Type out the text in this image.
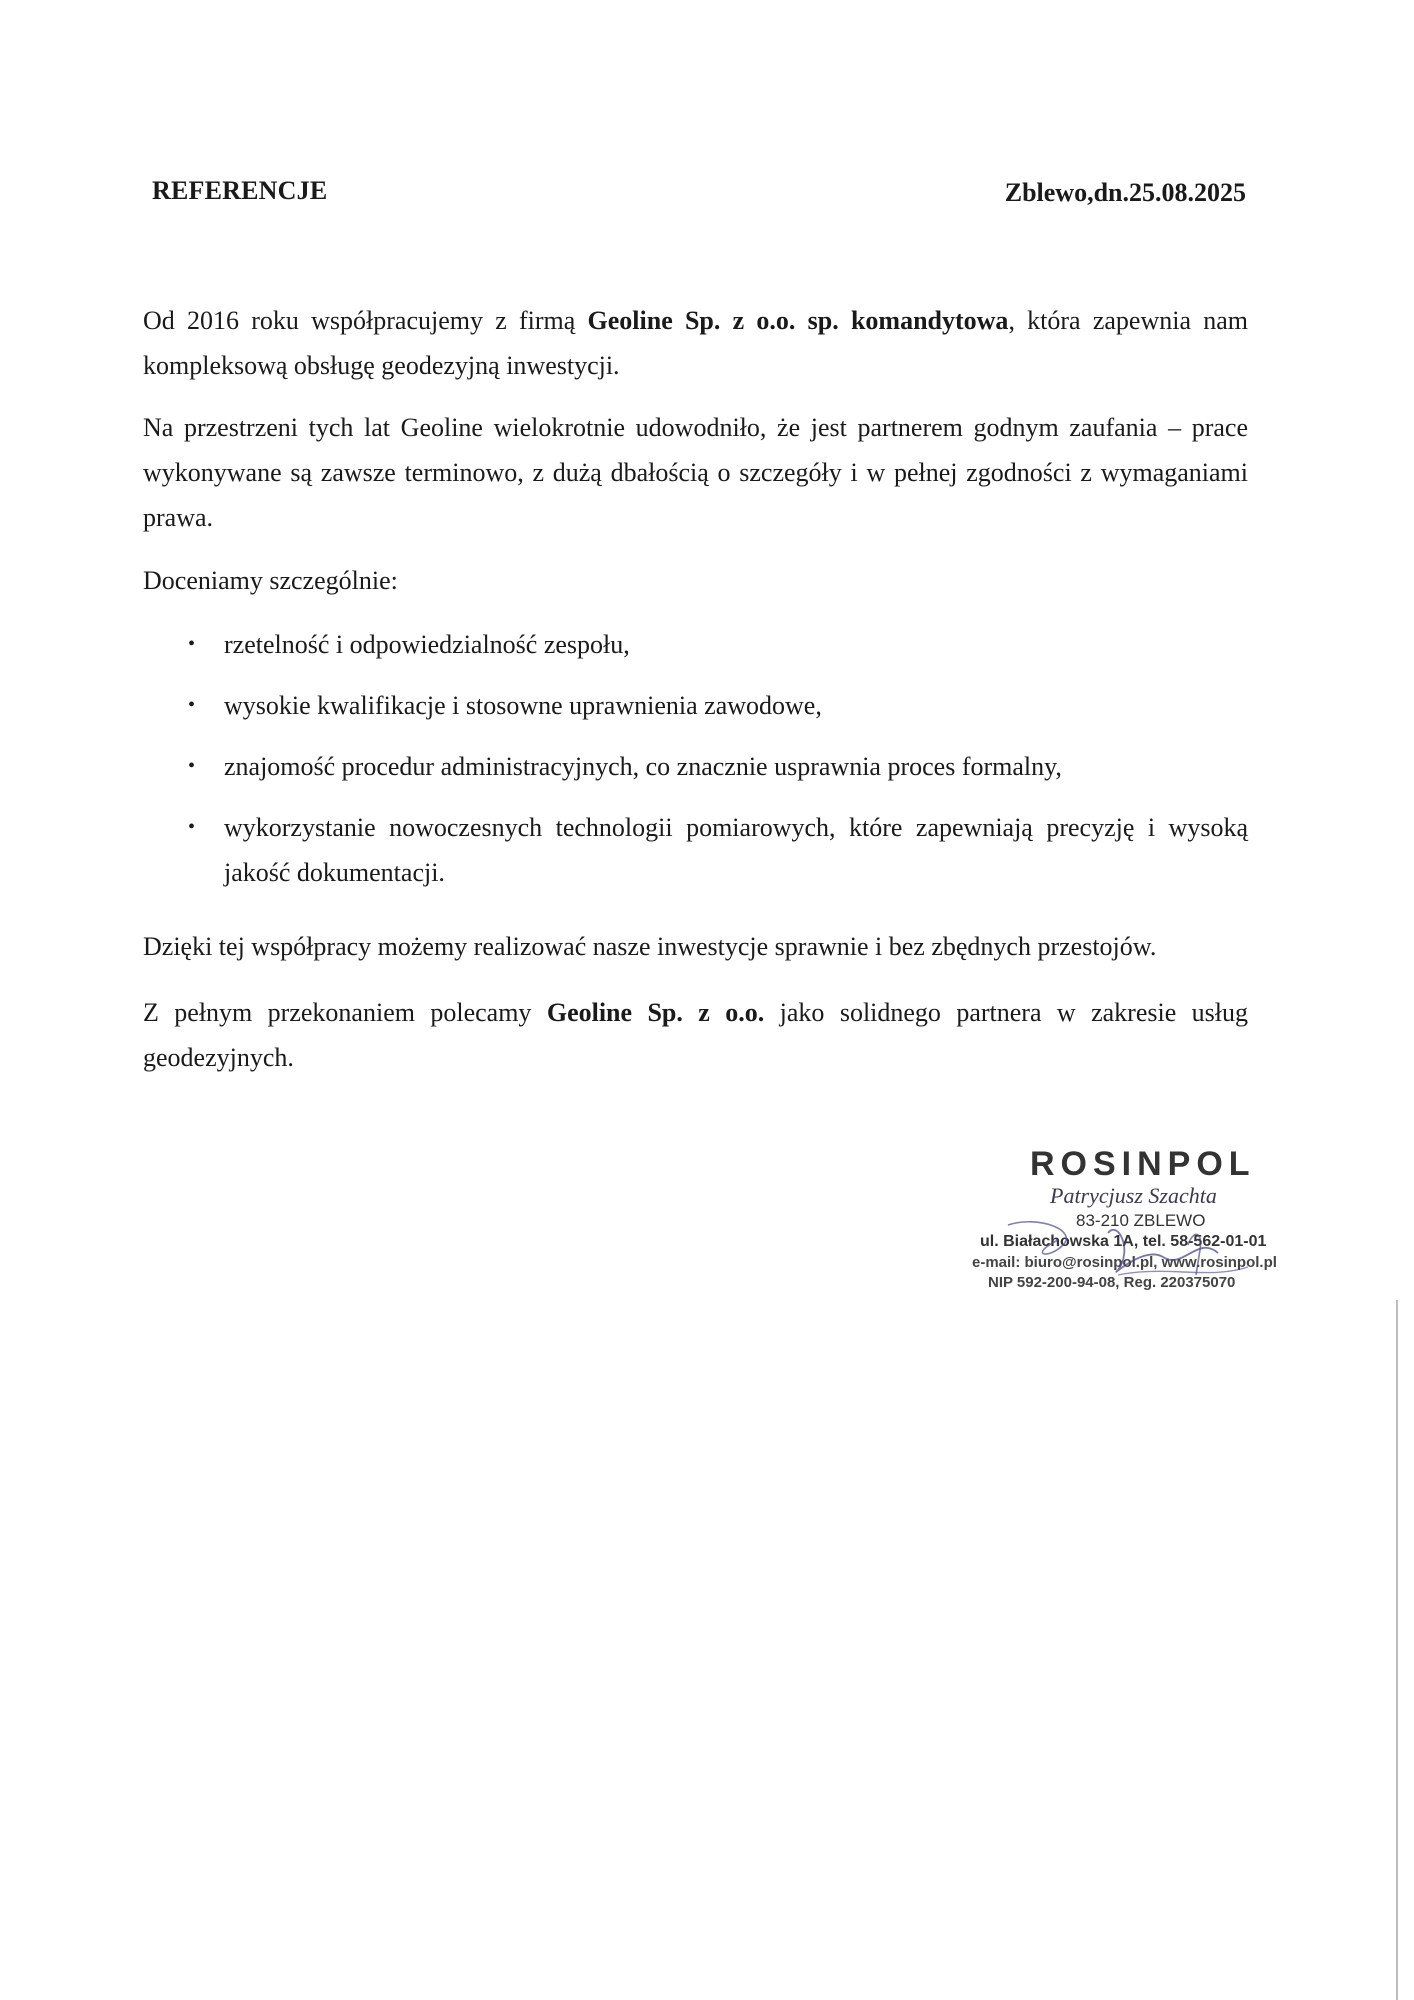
REFERENCJE	Zblewo,dn.25.08.2025
Od 2016 roku współpracujemy z firmą Geoline Sp. z o.o. sp. komandytowa, która zapewnia nam kompleksową obsługę geodezyjną inwestycji.
Na przestrzeni tych lat Geoline wielokrotnie udowodniło, że jest partnerem godnym zaufania – prace wykonywane są zawsze terminowo, z dużą dbałością o szczegóły i w pełnej zgodności z wymaganiami prawa.
Doceniamy szczególnie:
• rzetelność i odpowiedzialność zespołu,
• wysokie kwalifikacje i stosowne uprawnienia zawodowe,
• znajomość procedur administracyjnych, co znacznie usprawnia proces formalny,
• wykorzystanie nowoczesnych technologii pomiarowych, które zapewniają precyzję i wysoką jakość dokumentacji.
Dzięki tej współpracy możemy realizować nasze inwestycje sprawnie i bez zbędnych przestojów.
Z pełnym przekonaniem polecamy Geoline Sp. z o.o. jako solidnego partnera w zakresie usług geodezyjnych.
ROSINPOL
Patrycjusz Szachta
83-210 ZBLEWO
ul. Białachowska 1A, tel. 58-562-01-01
e-mail: biuro@rosinpol.pl, www.rosinpol.pl
NIP 592-200-94-08, Reg. 220375070
